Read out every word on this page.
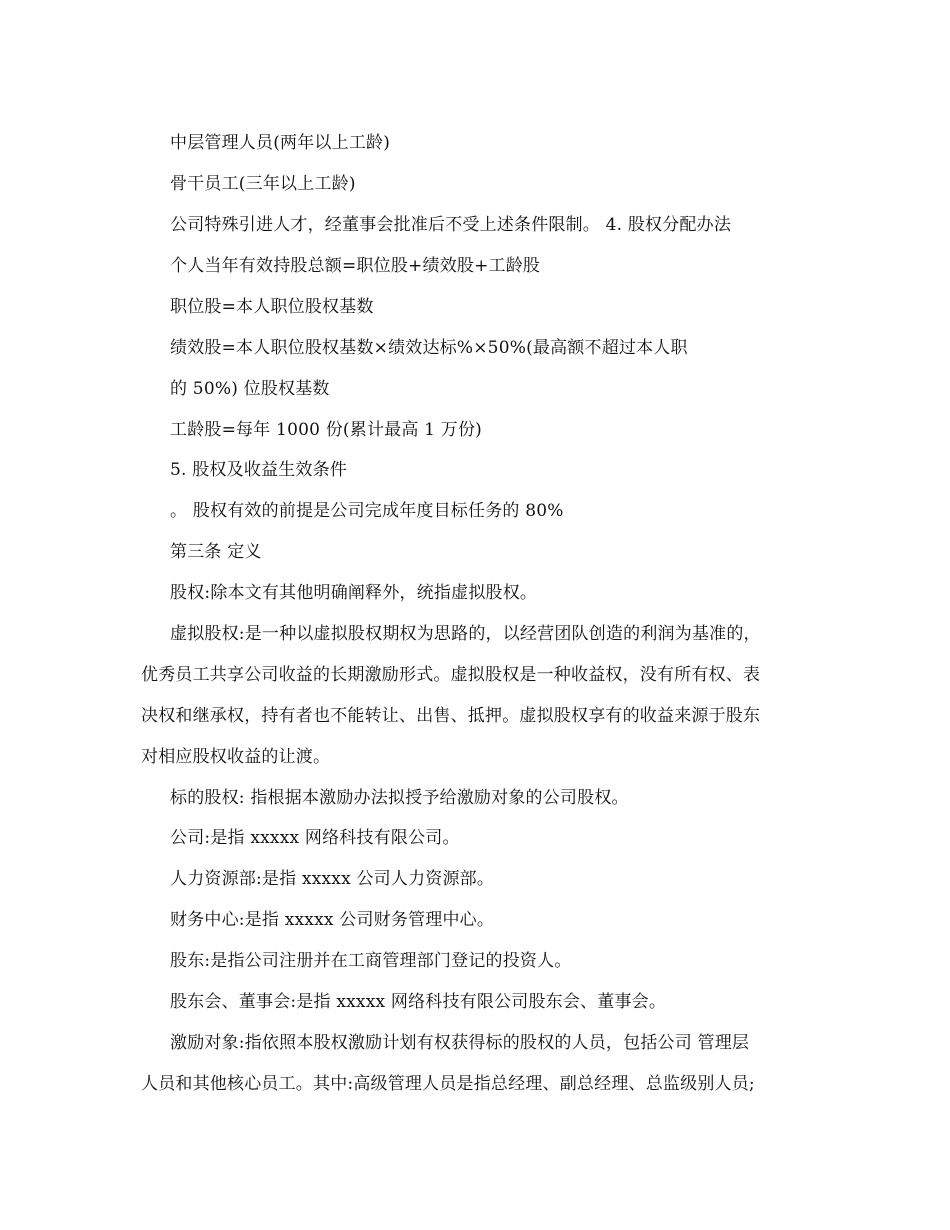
中层管理人员(两年以上工龄)
骨干员工(三年以上工龄)
公司特殊引进人才，经董事会批准后不受上述条件限制。 4. 股权分配办法
个人当年有效持股总额=职位股+绩效股+工龄股
职位股=本人职位股权基数
绩效股=本人职位股权基数×绩效达标%×50%(最高额不超过本人职
的 50%) 位股权基数
工龄股=每年 1000 份(累计最高 1 万份)
5. 股权及收益生效条件
。 股权有效的前提是公司完成年度目标任务的 80%
第三条 定义
股权:除本文有其他明确阐释外，统指虚拟股权。
虚拟股权:是一种以虚拟股权期权为思路的，以经营团队创造的利润为基准的，
优秀员工共享公司收益的长期激励形式。虚拟股权是一种收益权，没有所有权、表
决权和继承权，持有者也不能转让、出售、抵押。虚拟股权享有的收益来源于股东
对相应股权收益的让渡。
标的股权: 指根据本激励办法拟授予给激励对象的公司股权。
公司:是指 xxxxx 网络科技有限公司。
人力资源部:是指 xxxxx 公司人力资源部。
财务中心:是指 xxxxx 公司财务管理中心。
股东:是指公司注册并在工商管理部门登记的投资人。
股东会、董事会:是指 xxxxx 网络科技有限公司股东会、董事会。
激励对象:指依照本股权激励计划有权获得标的股权的人员，包括公司 管理层
人员和其他核心员工。其中:高级管理人员是指总经理、副总经理、总监级别人员;
